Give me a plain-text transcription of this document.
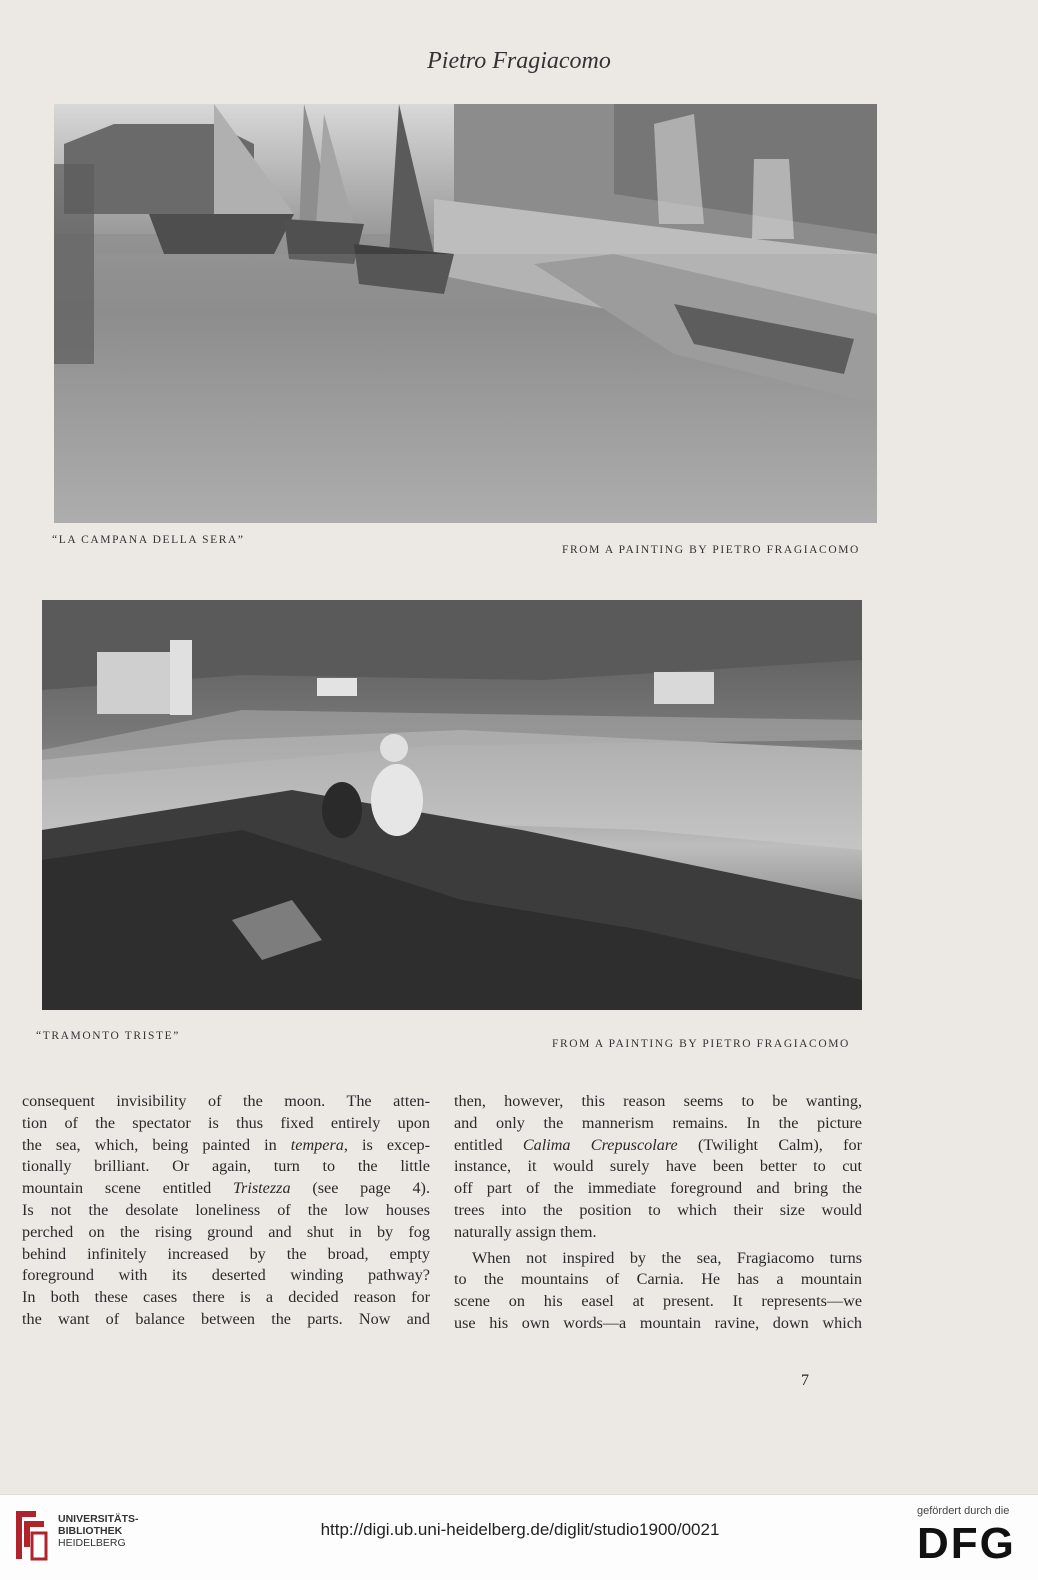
Pietro Fragiacomo
“LA CAMPANA DELLA SERA”
FROM A PAINTING BY PIETRO FRAGIACOMO
“TRAMONTO TRISTE”
FROM A PAINTING BY PIETRO FRAGIACOMO

consequent invisibility of the moon. The atten-
tion of the spectator is thus fixed entirely upon
the sea, which, being painted in tempera, is excep-
tionally brilliant. Or again, turn to the little
mountain scene entitled Tristezza (see page 4).
Is not the desolate loneliness of the low houses
perched on the rising ground and shut in by fog
behind infinitely increased by the broad, empty
foreground with its deserted winding pathway?
In both these cases there is a decided reason for
the want of balance between the parts. Now and

then, however, this reason seems to be wanting,
and only the mannerism remains. In the picture
entitled Calima Crepuscolare (Twilight Calm), for
instance, it would surely have been better to cut
off part of the immediate foreground and bring the
trees into the position to which their size would
naturally assign them.

When not inspired by the sea, Fragiacomo turns
to the mountains of Carnia. He has a mountain
scene on his easel at present. It represents—we
use his own words—a mountain ravine, down which

7
UNIVERSITÄTS-
BIBLIOTHEK
HEIDELBERG
http://digi.ub.uni-heidelberg.de/diglit/studio1900/0021
gefördert durch die
DFG
